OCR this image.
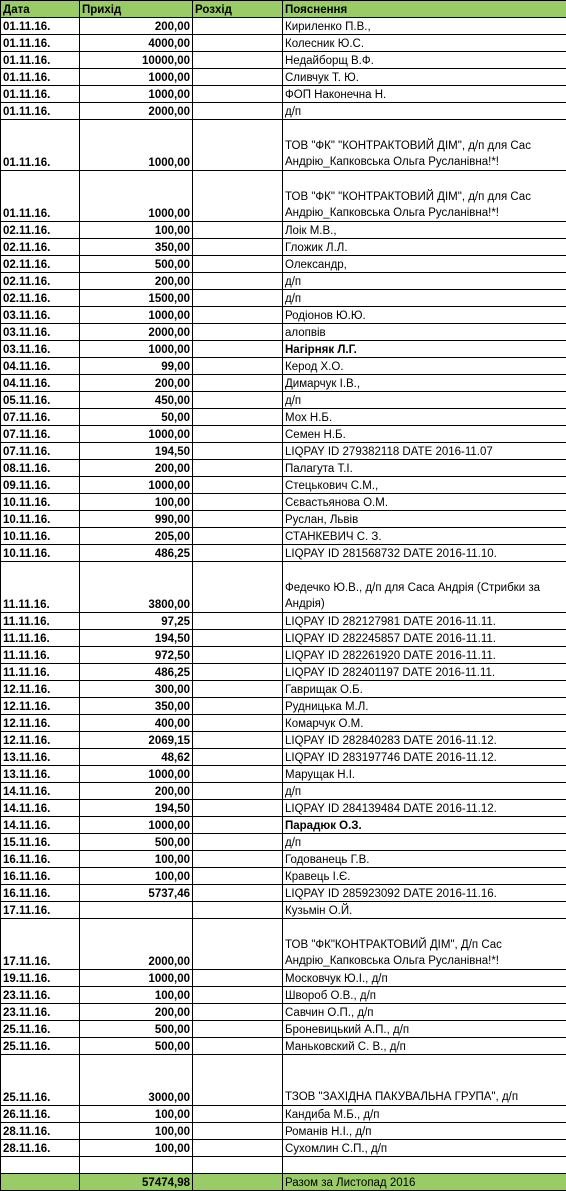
Дата	Прихід	Розхід	Пояснення
01.11.16.	200,00		Кириленко П.В.,
01.11.16.	4000,00		Колесник Ю.С.
01.11.16.	10000,00		Недайборщ В.Ф.
01.11.16.	1000,00		Сливчук Т. Ю.
01.11.16.	1000,00		ФОП Наконечна Н.
01.11.16.	2000,00		д/п
01.11.16.	1000,00		ТОВ "ФК" "КОНТРАКТОВИЙ ДІМ", д/п для Сас Андрію_Капковська Ольга Русланівна!*!
01.11.16.	1000,00		ТОВ "ФК" "КОНТРАКТОВИЙ ДІМ", д/п для Сас Андрію_Капковська Ольга Русланівна!*!
02.11.16.	100,00		Лоік М.В.,
02.11.16.	350,00		Гложик Л.Л.
02.11.16.	500,00		Олександр,
02.11.16.	200,00		д/п
02.11.16.	1500,00		д/п
03.11.16.	1000,00		Родіонов Ю.Ю.
03.11.16.	2000,00		алопвів
03.11.16.	1000,00		Нагірняк Л.Г.
04.11.16.	99,00		Керод Х.О.
04.11.16.	200,00		Димарчук І.В.,
05.11.16.	450,00		д/п
07.11.16.	50,00		Мох Н.Б.
07.11.16.	1000,00		Семен Н.Б.
07.11.16.	194,50		LIQPAY ID 279382118 DATE 2016-11.07
08.11.16.	200,00		Палагута Т.І.
09.11.16.	1000,00		Стецькович С.М.,
10.11.16.	100,00		Сєвастьянова О.М.
10.11.16.	990,00		Руслан, Львів
10.11.16.	205,00		СТАНКЕВИЧ С. З.
10.11.16.	486,25		LIQPAY ID 281568732 DATE 2016-11.10.
11.11.16.	3800,00		Федечко Ю.В., д/п для Саса Андрія (Стрибки за Андрія)
11.11.16.	97,25		LIQPAY ID 282127981 DATE 2016-11.11.
11.11.16.	194,50		LIQPAY ID 282245857 DATE 2016-11.11.
11.11.16.	972,50		LIQPAY ID 282261920 DATE 2016-11.11.
11.11.16.	486,25		LIQPAY ID 282401197 DATE 2016-11.11.
12.11.16.	300,00		Гаврищак О.Б.
12.11.16.	350,00		Рудницька М.Л.
12.11.16.	400,00		Комарчук О.М.
12.11.16.	2069,15		LIQPAY ID 282840283 DATE 2016-11.12.
13.11.16.	48,62		LIQPAY ID 283197746 DATE 2016-11.12.
13.11.16.	1000,00		Марущак Н.І.
14.11.16.	200,00		д/п
14.11.16.	194,50		LIQPAY ID 284139484 DATE 2016-11.12.
14.11.16.	1000,00		Парадюк О.З.
15.11.16.	500,00		д/п
16.11.16.	100,00		Годованець Г.В.
16.11.16.	100,00		Кравець І.Є.
16.11.16.	5737,46		LIQPAY ID 285923092 DATE 2016-11.16.
17.11.16.			Кузьмін О.Й.
17.11.16.	2000,00		ТОВ "ФК"КОНТРАКТОВИЙ ДІМ", Д/п Сас Андрію_Капковська Ольга Русланівна!*!
19.11.16.	1000,00		Московчук Ю.І., д/п
23.11.16.	100,00		Швороб О.В., д/п
23.11.16.	200,00		Савчин О.П., д/п
25.11.16.	500,00		Броневицький А.П., д/п
25.11.16.	500,00		Маньковский С. В., д/п
25.11.16.	3000,00		ТЗОВ "ЗАХІДНА ПАКУВАЛЬНА ГРУПА", д/п
26.11.16.	100,00		Кандиба М.Б., д/п
28.11.16.	100,00		Романів Н.І., д/п
28.11.16.	100,00		Сухомлин С.П., д/п

	57474,98		Разом за Листопад 2016
